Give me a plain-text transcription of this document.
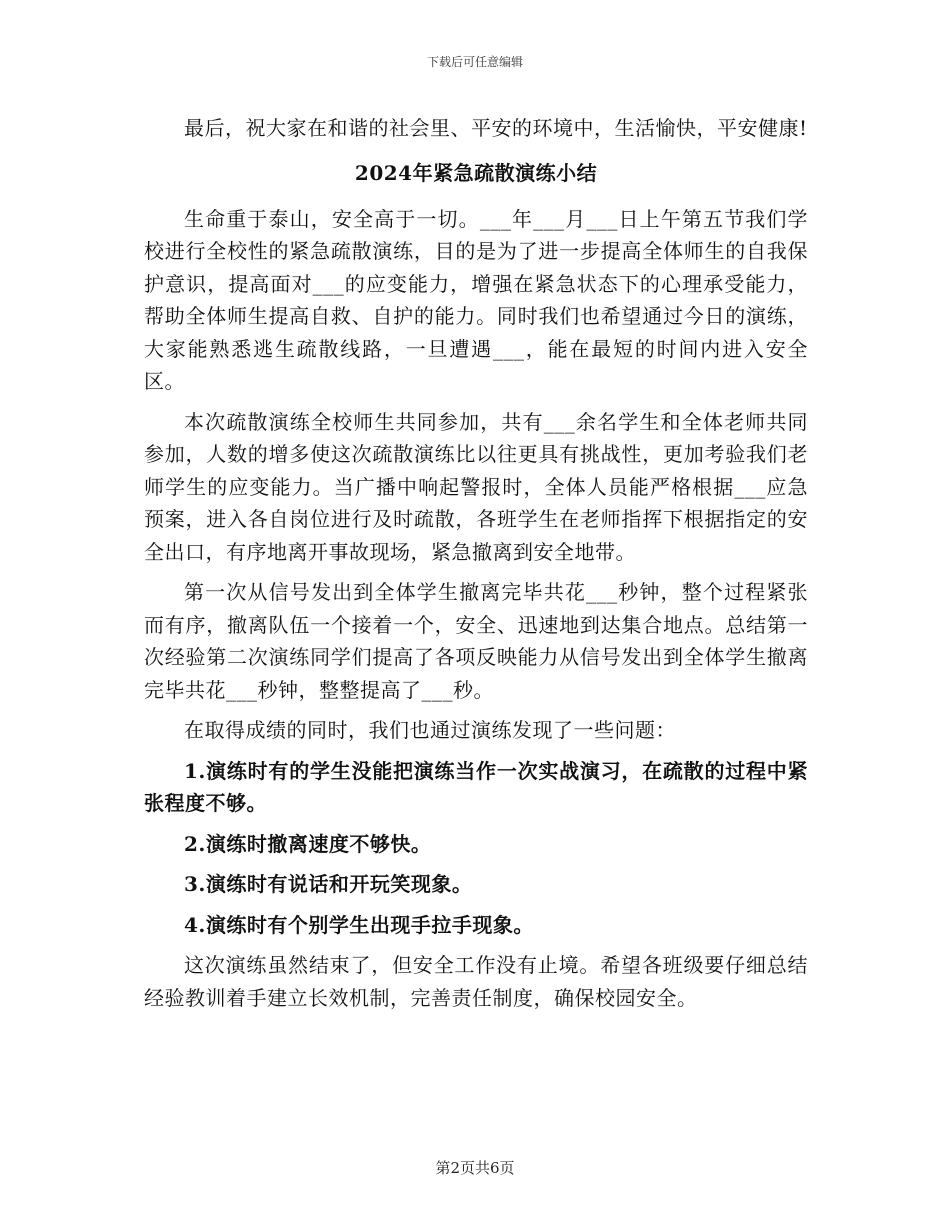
下载后可任意编辑

最后，祝大家在和谐的社会里、平安的环境中，生活愉快，平安健康!

2024年紧急疏散演练小结

生命重于泰山，安全高于一切。___年___月___日上午第五节我们学校进行全校性的紧急疏散演练，目的是为了进一步提高全体师生的自我保护意识，提高面对___的应变能力，增强在紧急状态下的心理承受能力，帮助全体师生提高自救、自护的能力。同时我们也希望通过今日的演练，大家能熟悉逃生疏散线路，一旦遭遇___，能在最短的时间内进入安全区。

本次疏散演练全校师生共同参加，共有___余名学生和全体老师共同参加，人数的增多使这次疏散演练比以往更具有挑战性，更加考验我们老师学生的应变能力。当广播中响起警报时，全体人员能严格根据___应急预案，进入各自岗位进行及时疏散，各班学生在老师指挥下根据指定的安全出口，有序地离开事故现场，紧急撤离到安全地带。

第一次从信号发出到全体学生撤离完毕共花___秒钟，整个过程紧张而有序，撤离队伍一个接着一个，安全、迅速地到达集合地点。总结第一次经验第二次演练同学们提高了各项反映能力从信号发出到全体学生撤离完毕共花___秒钟，整整提高了___秒。

在取得成绩的同时，我们也通过演练发现了一些问题：

1.演练时有的学生没能把演练当作一次实战演习，在疏散的过程中紧张程度不够。

2.演练时撤离速度不够快。

3.演练时有说话和开玩笑现象。

4.演练时有个别学生出现手拉手现象。

这次演练虽然结束了，但安全工作没有止境。希望各班级要仔细总结经验教训着手建立长效机制，完善责任制度，确保校园安全。

第2页共6页
